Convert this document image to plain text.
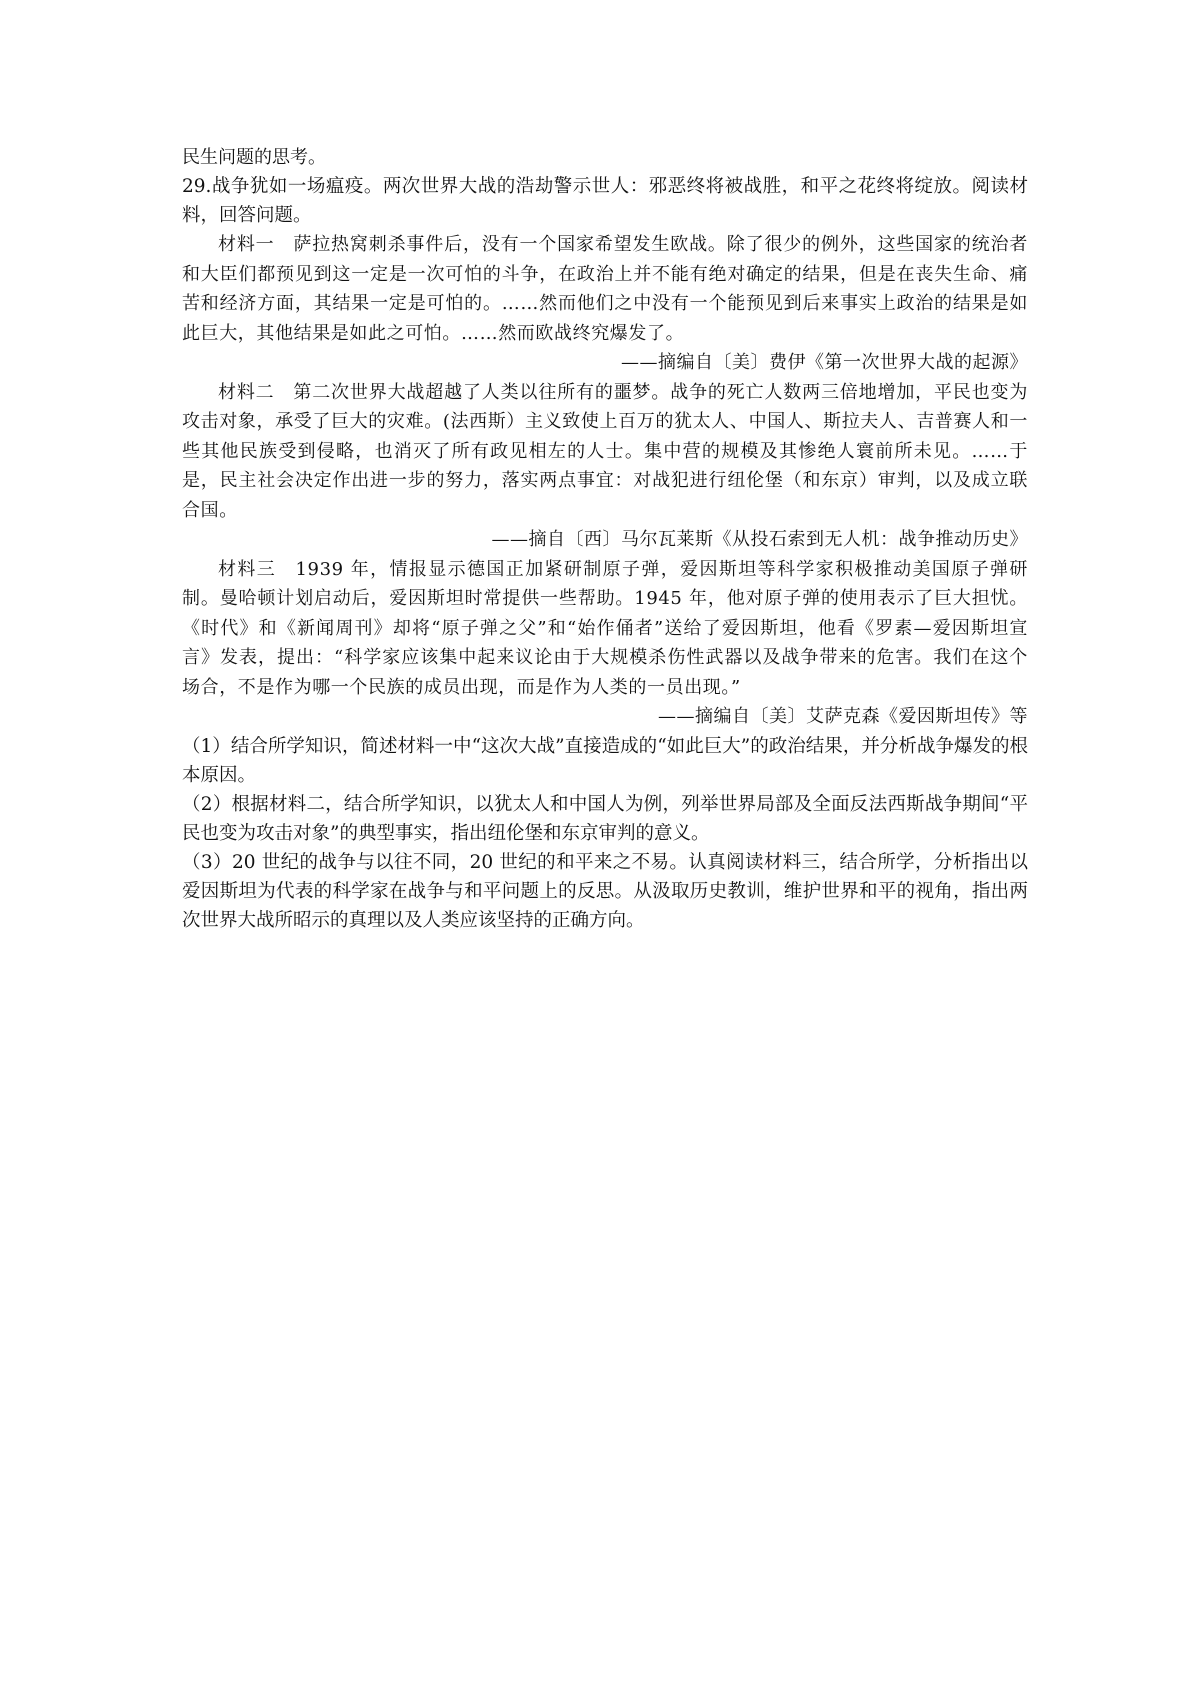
民生问题的思考。

29.战争犹如一场瘟疫。两次世界大战的浩劫警示世人：邪恶终将被战胜，和平之花终将绽放。阅读材料，回答问题。

材料一　萨拉热窝刺杀事件后，没有一个国家希望发生欧战。除了很少的例外，这些国家的统治者和大臣们都预见到这一定是一次可怕的斗争，在政治上并不能有绝对确定的结果，但是在丧失生命、痛苦和经济方面，其结果一定是可怕的。……然而他们之中没有一个能预见到后来事实上政治的结果是如此巨大，其他结果是如此之可怕。……然而欧战终究爆发了。

——摘编自〔美〕费伊《第一次世界大战的起源》

材料二　第二次世界大战超越了人类以往所有的噩梦。战争的死亡人数两三倍地增加，平民也变为攻击对象，承受了巨大的灾难。(法西斯）主义致使上百万的犹太人、中国人、斯拉夫人、吉普赛人和一些其他民族受到侵略，也消灭了所有政见相左的人士。集中营的规模及其惨绝人寰前所未见。……于是，民主社会决定作出进一步的努力，落实两点事宜：对战犯进行纽伦堡（和东京）审判，以及成立联合国。

——摘自〔西〕马尔瓦莱斯《从投石索到无人机：战争推动历史》

材料三　1939 年，情报显示德国正加紧研制原子弹，爱因斯坦等科学家积极推动美国原子弹研制。曼哈顿计划启动后，爱因斯坦时常提供一些帮助。1945 年，他对原子弹的使用表示了巨大担忧。《时代》和《新闻周刊》却将“原子弹之父”和“始作俑者”送给了爱因斯坦，他看《罗素—爱因斯坦宣言》发表，提出：“科学家应该集中起来议论由于大规模杀伤性武器以及战争带来的危害。我们在这个场合，不是作为哪一个民族的成员出现，而是作为人类的一员出现。”

——摘编自〔美〕艾萨克森《爱因斯坦传》等

（1）结合所学知识，简述材料一中“这次大战”直接造成的“如此巨大”的政治结果，并分析战争爆发的根本原因。

（2）根据材料二，结合所学知识，以犹太人和中国人为例，列举世界局部及全面反法西斯战争期间“平民也变为攻击对象”的典型事实，指出纽伦堡和东京审判的意义。

（3）20 世纪的战争与以往不同，20 世纪的和平来之不易。认真阅读材料三，结合所学，分析指出以爱因斯坦为代表的科学家在战争与和平问题上的反思。从汲取历史教训，维护世界和平的视角，指出两次世界大战所昭示的真理以及人类应该坚持的正确方向。
